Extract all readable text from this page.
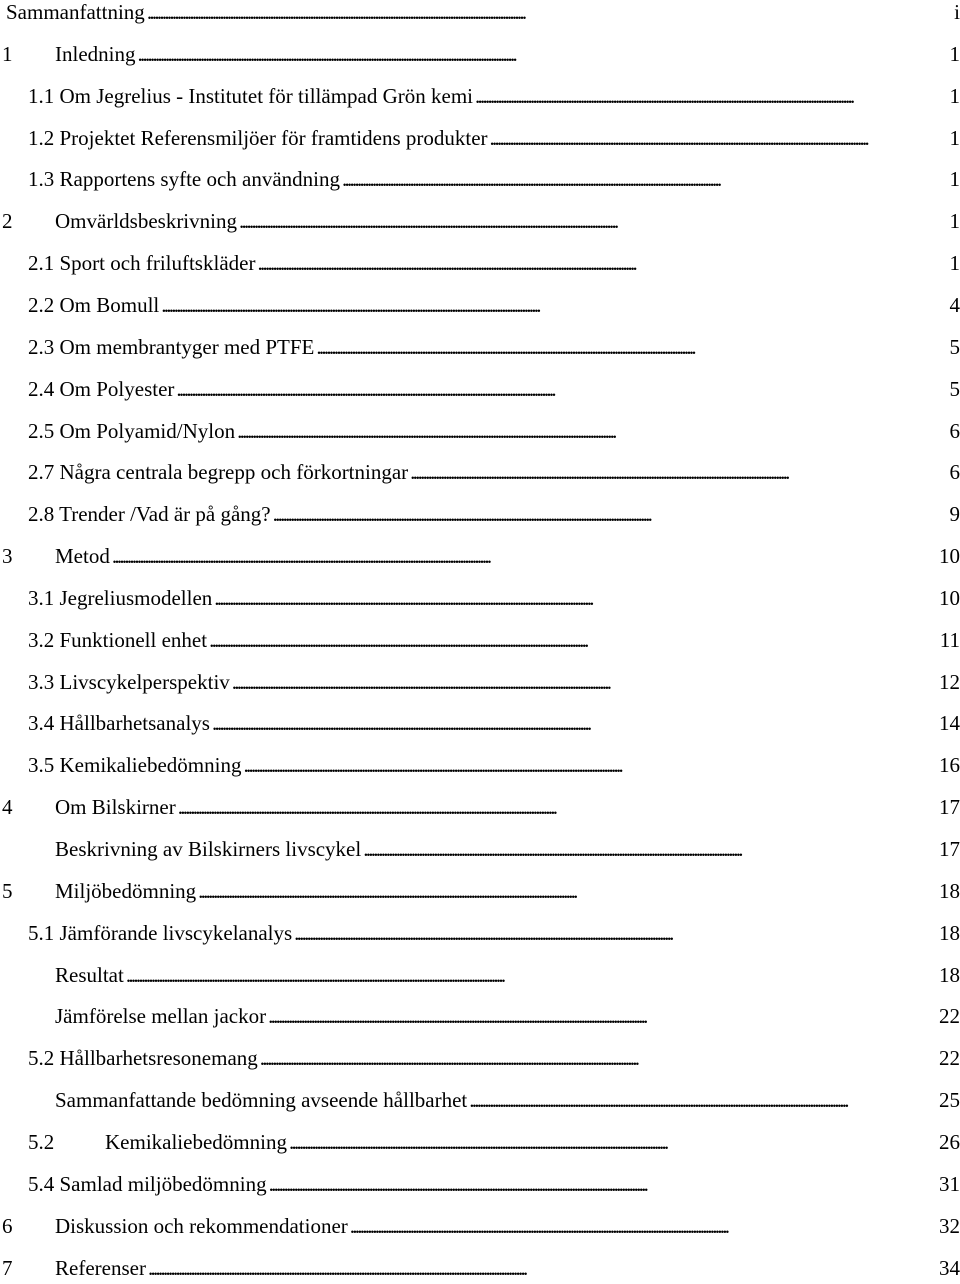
Sammanfattning . . .	i
1	Inledning . . .	1
1.1 Om Jegrelius - Institutet för tillämpad Grön kemi . . .	1
1.2 Projektet Referensmiljöer för framtidens produkter . . .	1
1.3 Rapportens syfte och användning . . .	1
2	Omvärldsbeskrivning . . .	1
2.1 Sport och friluftskläder . . .	1
2.2 Om Bomull . . .	4
2.3 Om membrantyger med PTFE . . .	5
2.4 Om Polyester . . .	5
2.5 Om Polyamid/Nylon . . .	6
2.7 Några centrala begrepp och förkortningar . . .	6
2.8 Trender /Vad är på gång? . . .	9
3	Metod . . .	10
3.1 Jegreliusmodellen . . .	10
3.2 Funktionell enhet . . .	11
3.3 Livscykelperspektiv . . .	12
3.4 Hållbarhetsanalys . . .	14
3.5 Kemikaliebedömning . . .	16
4	Om Bilskirner . . .	17
Beskrivning av Bilskirners livscykel . . .	17
5	Miljöbedömning . . .	18
5.1 Jämförande livscykelanalys . . .	18
Resultat . . .	18
Jämförelse mellan jackor . . .	22
5.2 Hållbarhetsresonemang . . .	22
Sammanfattande bedömning avseende hållbarhet . . .	25
5.2	Kemikaliebedömning . . .	26
5.4 Samlad miljöbedömning . . .	31
6	Diskussion och rekommendationer . . .	32
7	Referenser . . .	34
